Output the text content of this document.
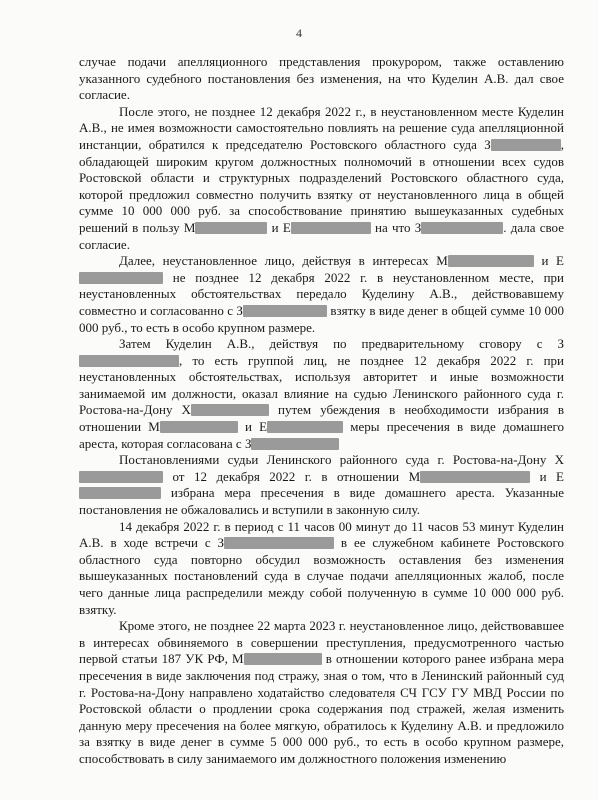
4

случае подачи апелляционного представления прокурором, также оставлению указанного судебного постановления без изменения, на что Куделин А.В. дал свое согласие.

После этого, не позднее 12 декабря 2022 г., в неустановленном месте Куделин А.В., не имея возможности самостоятельно повлиять на решение суда апелляционной инстанции, обратился к председателю Ростовского областного суда З	, обладающей широким кругом должностных полномочий в отношении всех судов Ростовской области и структурных подразделений Ростовского областного суда, которой предложил совместно получить взятку от неустановленного лица в общей сумме 10 000 000 руб. за способствование принятию вышеуказанных судебных решений в пользу М	и Е	на что З	. дала свое согласие.

Далее, неустановленное лицо, действуя в интересах М	и Е не позднее 12 декабря 2022 г. в неустановленном месте, при неустановленных обстоятельствах передало Куделину А.В., действовавшему совместно и согласованно с З	взятку в виде денег в общей сумме 10 000 000 руб., то есть в особо крупном размере.

Затем Куделин А.В., действуя по предварительному сговору с З, то есть группой лиц, не позднее 12 декабря 2022 г. при неустановленных обстоятельствах, используя авторитет и иные возможности занимаемой им должности, оказал влияние на судью Ленинского районного суда г. Ростова-на-Дону Х	путем убеждения в необходимости избрания в отношении М	и Е	меры пресечения в виде домашнего ареста, которая согласована с З

Постановлениями судьи Ленинского районного суда г. Ростова-на-Дону Х от 12 декабря 2022 г. в отношении М	и Е избрана мера пресечения в виде домашнего ареста. Указанные постановления не обжаловались и вступили в законную силу.

14 декабря 2022 г. в период с 11 часов 00 минут до 11 часов 53 минут Куделин А.В. в ходе встречи с З	в ее служебном кабинете Ростовского областного суда повторно обсудил возможность оставления без изменения вышеуказанных постановлений суда в случае подачи апелляционных жалоб, после чего данные лица распределили между собой полученную в сумме 10 000 000 руб. взятку.

Кроме этого, не позднее 22 марта 2023 г. неустановленное лицо, действовавшее в интересах обвиняемого в совершении преступления, предусмотренного частью первой статьи 187 УК РФ, М	в отношении которого ранее избрана мера пресечения в виде заключения под стражу, зная о том, что в Ленинский районный суд г. Ростова-на-Дону направлено ходатайство следователя СЧ ГСУ ГУ МВД России по Ростовской области о продлении срока содержания под стражей, желая изменить данную меру пресечения на более мягкую, обратилось к Куделину А.В. и предложило за взятку в виде денег в сумме 5 000 000 руб., то есть в особо крупном размере, способствовать в силу занимаемого им должностного положения изменению
